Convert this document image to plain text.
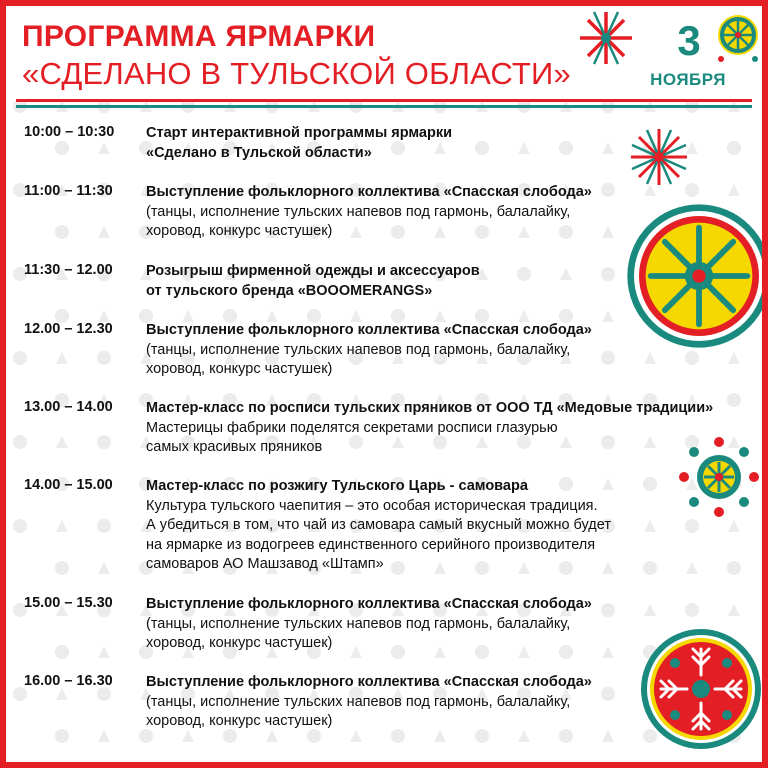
ПРОГРАММА ЯРМАРКИ
«СДЕЛАНО В ТУЛЬСКОЙ ОБЛАСТИ»
3
НОЯБРЯ
10:00 – 10:30	Старт интерактивной программы ярмарки
«Сделано в Тульской области»
11:00 – 11:30	Выступление фольклорного коллектива «Спасская слобода»
(танцы, исполнение тульских напевов под гармонь, балалайку,
хоровод, конкурс частушек)
11:30 – 12.00	Розыгрыш фирменной одежды и аксессуаров
от тульского бренда «BOOOMERANGS»
12.00 – 12.30	Выступление фольклорного коллектива «Спасская слобода»
(танцы, исполнение тульских напевов под гармонь, балалайку,
хоровод, конкурс частушек)
13.00 – 14.00	Мастер-класс по росписи тульских пряников от ООО ТД «Медовые традиции»
Мастерицы фабрики поделятся секретами росписи глазурью
самых красивых пряников
14.00 – 15.00	Мастер-класс по розжигу Тульского Царь - самовара
Культура тульского чаепития – это особая историческая традиция.
А убедиться в том, что чай из самовара самый вкусный можно будет
на ярмарке из водогреев единственного серийного производителя
самоваров АО Машзавод «Штамп»
15.00 – 15.30	Выступление фольклорного коллектива «Спасская слобода»
(танцы, исполнение тульских напевов под гармонь, балалайку,
хоровод, конкурс частушек)
16.00 – 16.30	Выступление фольклорного коллектива «Спасская слобода»
(танцы, исполнение тульских напевов под гармонь, балалайку,
хоровод, конкурс частушек)
